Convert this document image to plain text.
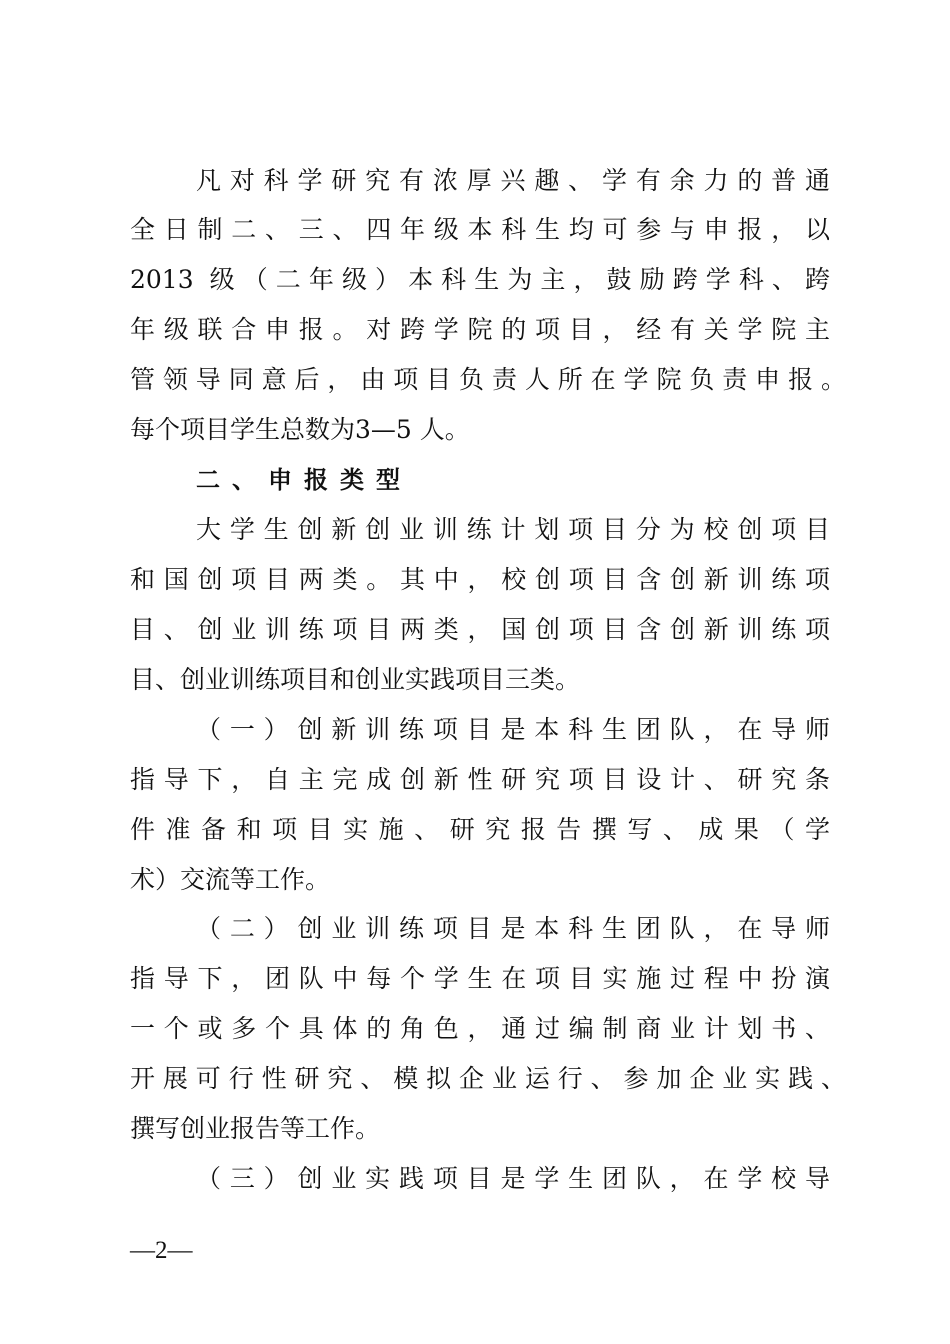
凡对科学研究有浓厚兴趣、学有余力的普通
全日制二、三、四年级本科生均可参与申报，以
2013 级（二年级）本科生为主，鼓励跨学科、跨
年级联合申报。对跨学院的项目，经有关学院主
管领导同意后，由项目负责人所在学院负责申报。
每个项目学生总数为3—5 人。
二、申报类型
大学生创新创业训练计划项目分为校创项目
和国创项目两类。其中，校创项目含创新训练项
目、创业训练项目两类，国创项目含创新训练项
目、创业训练项目和创业实践项目三类。
（一）创新训练项目是本科生团队，在导师
指导下，自主完成创新性研究项目设计、研究条
件准备和项目实施、研究报告撰写、成果（学
术）交流等工作。
（二）创业训练项目是本科生团队，在导师
指导下，团队中每个学生在项目实施过程中扮演
一个或多个具体的角色，通过编制商业计划书、
开展可行性研究、模拟企业运行、参加企业实践、
撰写创业报告等工作。
（三）创业实践项目是学生团队，在学校导
—2—
